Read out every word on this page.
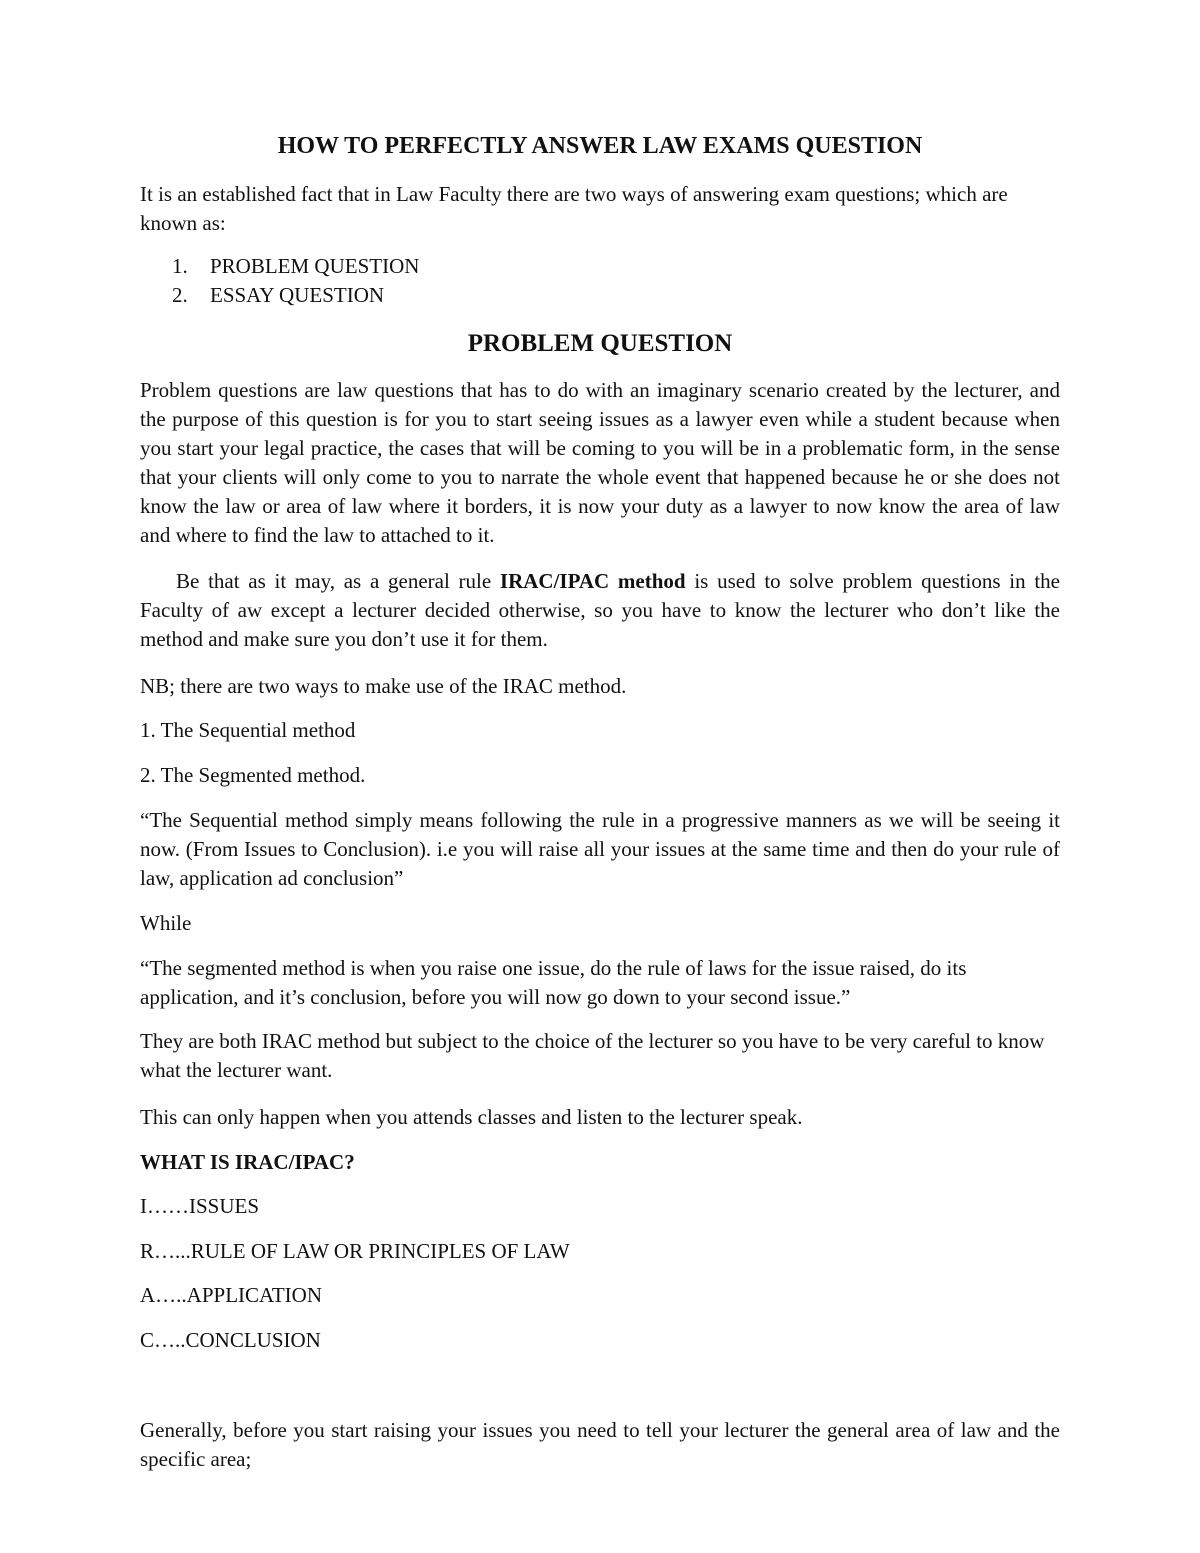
HOW TO PERFECTLY ANSWER LAW EXAMS QUESTION

It is an established fact that in Law Faculty there are two ways of answering exam questions; which are known as:

1. PROBLEM QUESTION

2. ESSAY QUESTION

PROBLEM QUESTION

Problem questions are law questions that has to do with an imaginary scenario created by the lecturer, and the purpose of this question is for you to start seeing issues as a lawyer even while a student because when you start your legal practice, the cases that will be coming to you will be in a problematic form, in the sense that your clients will only come to you to narrate the whole event that happened because he or she does not know the law or area of law where it borders, it is now your duty as a lawyer to now know the area of law and where to find the law to attached to it.

Be that as it may, as a general rule IRAC/IPAC method is used to solve problem questions in the Faculty of aw except a lecturer decided otherwise, so you have to know the lecturer who don’t like the method and make sure you don’t use it for them.

NB; there are two ways to make use of the IRAC method.

1. The Sequential method

2. The Segmented method.

“The Sequential method simply means following the rule in a progressive manners as we will be seeing it now. (From Issues to Conclusion). i.e you will raise all your issues at the same time and then do your rule of law, application ad conclusion”

While

“The segmented method is when you raise one issue, do the rule of laws for the issue raised, do its application, and it’s conclusion, before you will now go down to your second issue.”

They are both IRAC method but subject to the choice of the lecturer so you have to be very careful to know what the lecturer want.

This can only happen when you attends classes and listen to the lecturer speak.

WHAT IS IRAC/IPAC?

I……ISSUES

R…...RULE OF LAW OR PRINCIPLES OF LAW

A…..APPLICATION

C…..CONCLUSION

Generally, before you start raising your issues you need to tell your lecturer the general area of law and the specific area;
